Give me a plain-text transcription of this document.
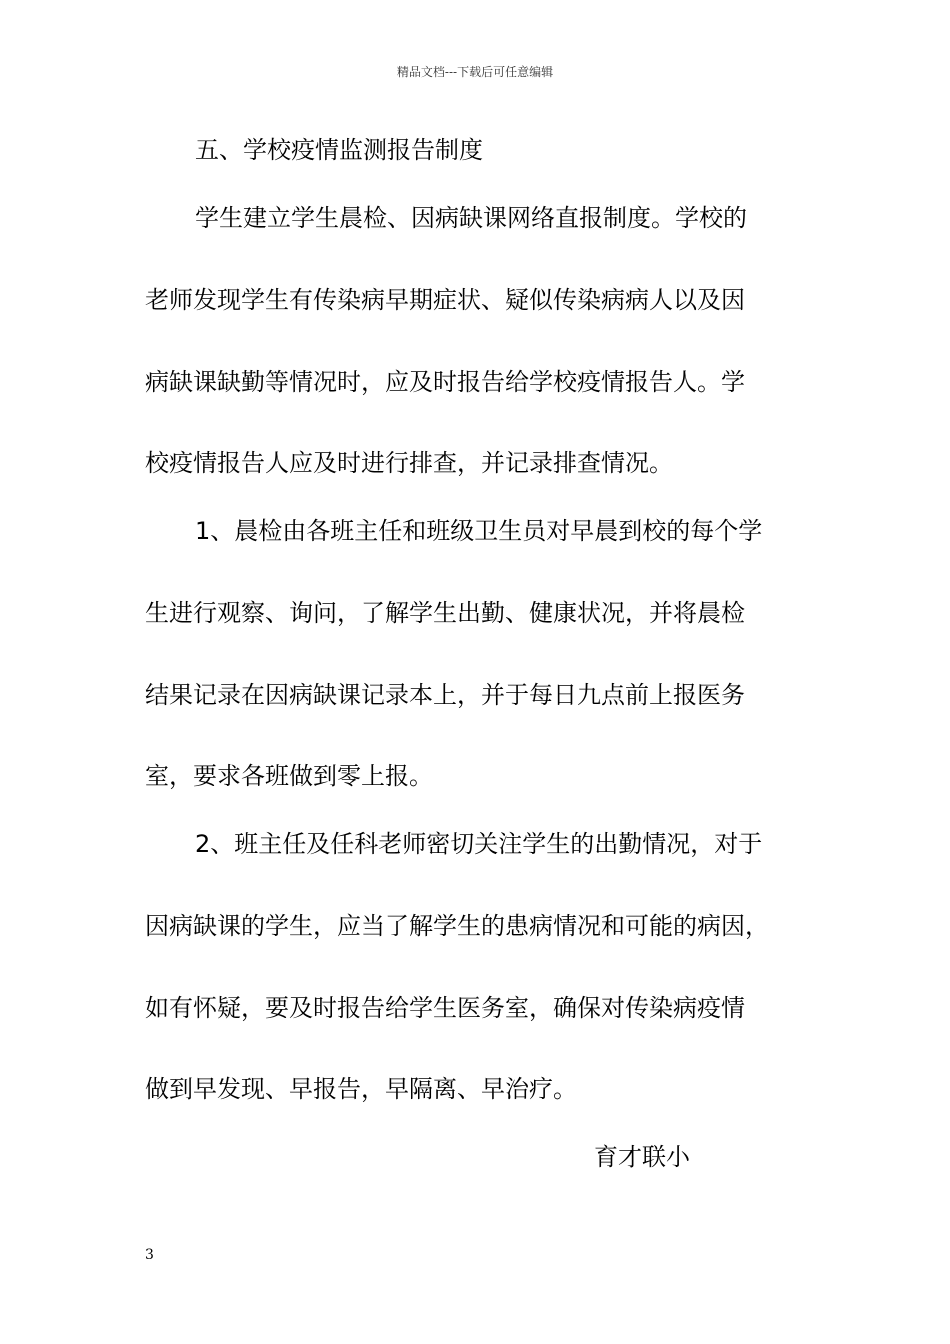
精品文档---下载后可任意编辑
五、学校疫情监测报告制度
学生建立学生晨检、因病缺课网络直报制度。学校的
老师发现学生有传染病早期症状、疑似传染病病人以及因
病缺课缺勤等情况时，应及时报告给学校疫情报告人。学
校疫情报告人应及时进行排查，并记录排查情况。
1、晨检由各班主任和班级卫生员对早晨到校的每个学
生进行观察、询问，了解学生出勤、健康状况，并将晨检
结果记录在因病缺课记录本上，并于每日九点前上报医务
室，要求各班做到零上报。
2、班主任及任科老师密切关注学生的出勤情况，对于
因病缺课的学生，应当了解学生的患病情况和可能的病因，
如有怀疑，要及时报告给学生医务室，确保对传染病疫情
做到早发现、早报告，早隔离、早治疗。
育才联小
3
